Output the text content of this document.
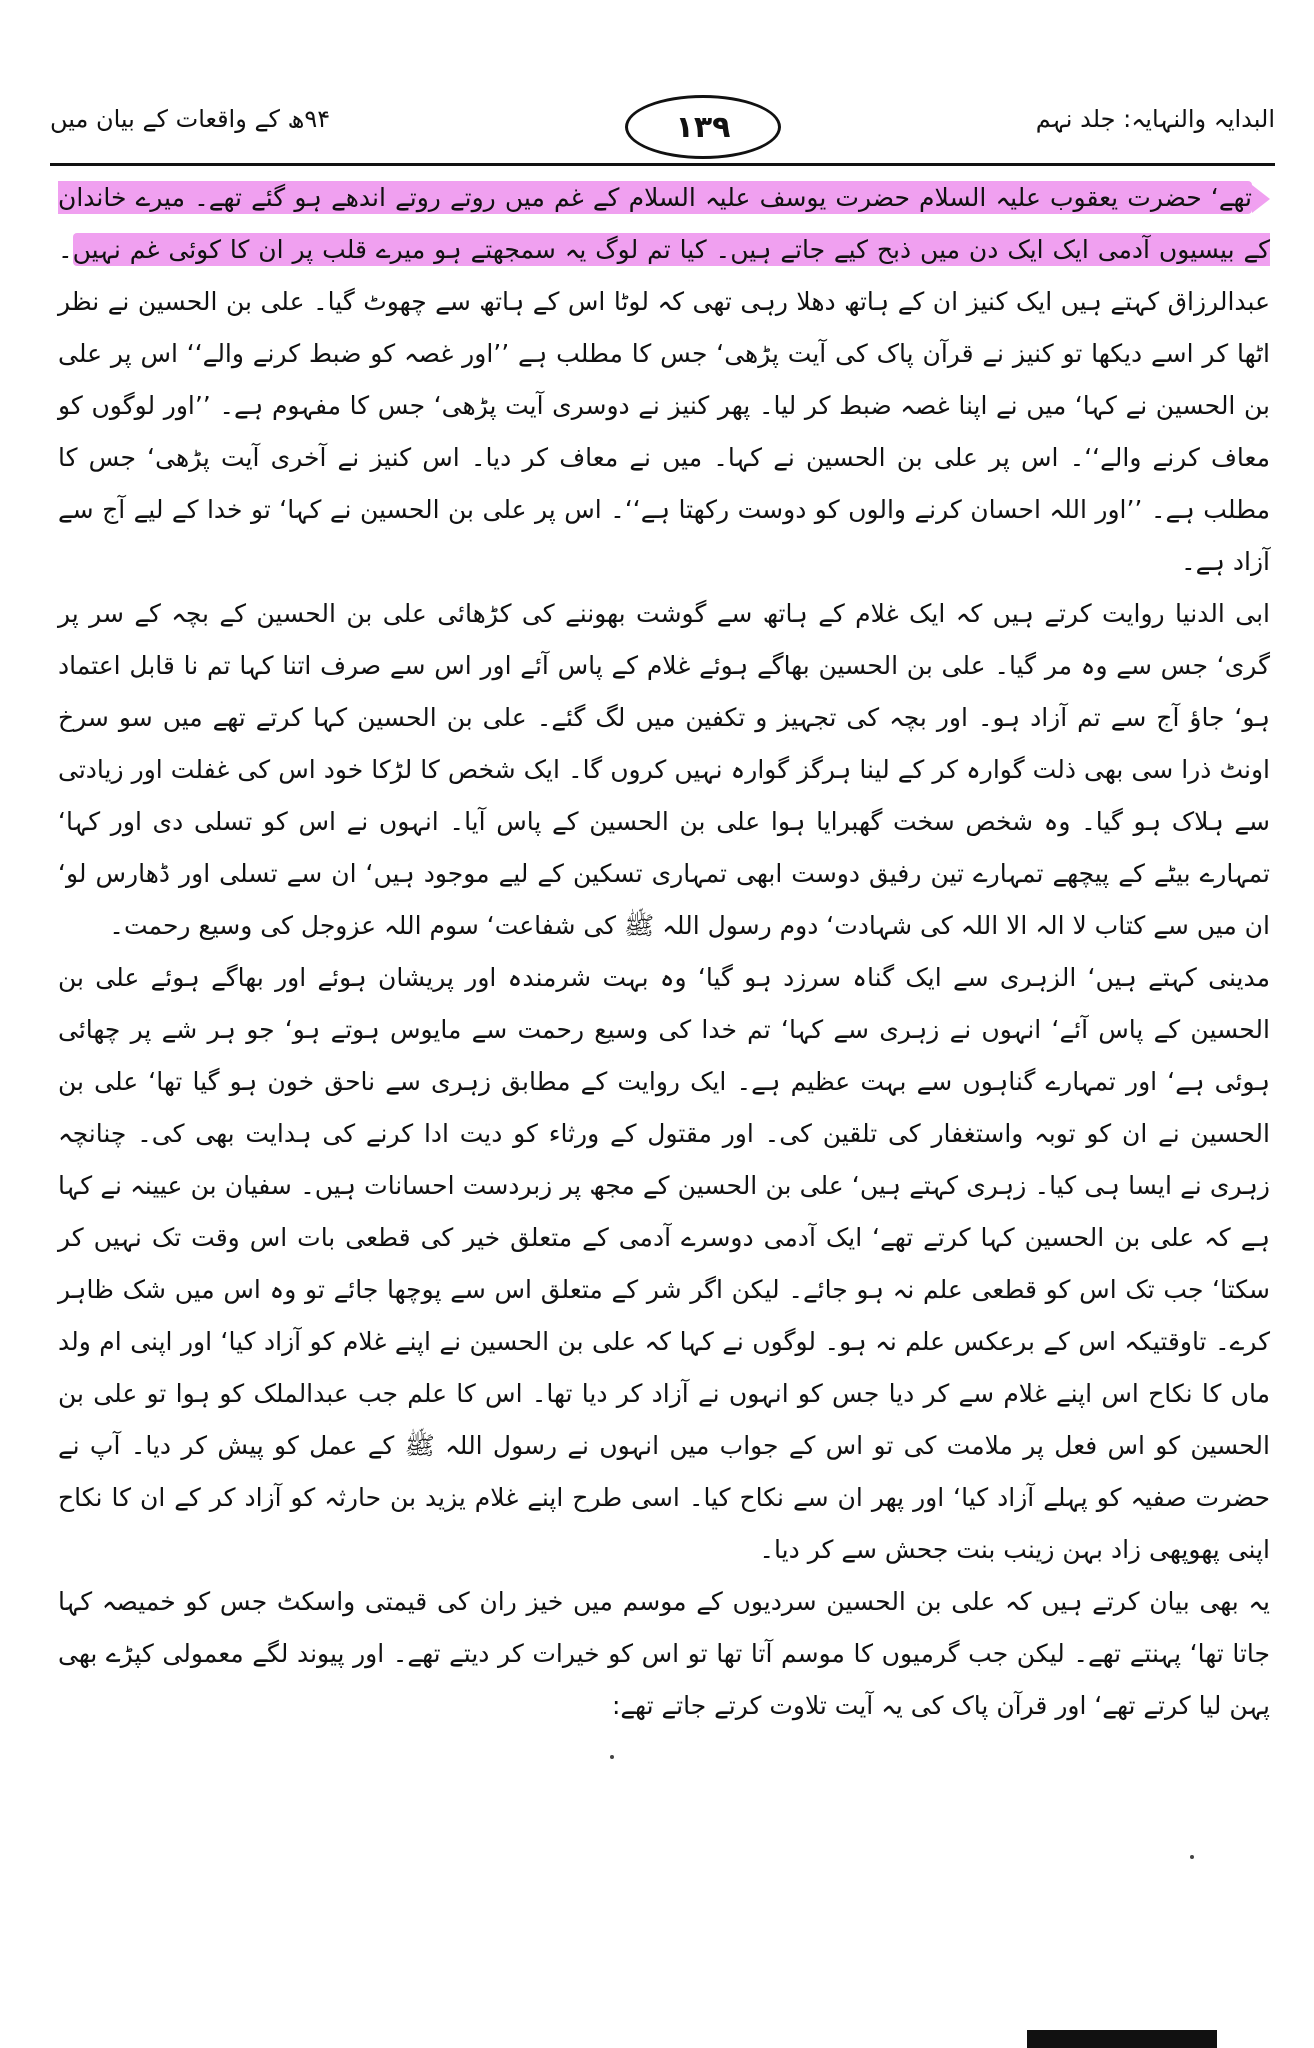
البدایہ والنہایہ: جلد نہم
۹۴ھ کے واقعات کے بیان میں	۱۳۹

تھے‘ حضرت یعقوب علیہ السلام حضرت یوسف علیہ السلام کے غم میں روتے روتے اندھے ہو گئے تھے۔ میرے خاندان کے بیسیوں آدمی ایک ایک دن میں ذبح کیے جاتے ہیں۔ کیا تم لوگ یہ سمجھتے ہو میرے قلب پر ان کا کوئی غم نہیں۔عبدالرزاق کہتے ہیں ایک کنیز ان کے ہاتھ دھلا رہی تھی کہ لوٹا اس کے ہاتھ سے چھوٹ گیا۔ علی بن الحسین نے نظر اٹھا کر اسے دیکھا تو کنیز نے قرآن پاک کی آیت پڑھی‘ جس کا مطلب ہے ’’اور غصہ کو ضبط کرنے والے‘‘ اس پر علی بن الحسین نے کہا‘ میں نے اپنا غصہ ضبط کر لیا۔ پھر کنیز نے دوسری آیت پڑھی‘ جس کا مفہوم ہے۔ ’’اور لوگوں کو معاف کرنے والے‘‘۔ اس پر علی بن الحسین نے کہا۔ میں نے معاف کر دیا۔ اس کنیز نے آخری آیت پڑھی‘ جس کا مطلب ہے۔ ’’اور اللہ احسان کرنے والوں کو دوست رکھتا ہے‘‘۔ اس پر علی بن الحسین نے کہا‘ تو خدا کے لیے آج سے آزاد ہے۔

ابی الدنیا روایت کرتے ہیں کہ ایک غلام کے ہاتھ سے گوشت بھوننے کی کڑھائی علی بن الحسین کے بچہ کے سر پر گری‘ جس سے وہ مر گیا۔ علی بن الحسین بھاگے ہوئے غلام کے پاس آئے اور اس سے صرف اتنا کہا تم نا قابل اعتماد ہو‘ جاؤ آج سے تم آزاد ہو۔ اور بچہ کی تجہیز و تکفین میں لگ گئے۔ علی بن الحسین کہا کرتے تھے میں سو سرخ اونٹ ذرا سی بھی ذلت گوارہ کر کے لینا ہرگز گوارہ نہیں کروں گا۔ ایک شخص کا لڑکا خود اس کی غفلت اور زیادتی سے ہلاک ہو گیا۔ وہ شخص سخت گھبرایا ہوا علی بن الحسین کے پاس آیا۔ انہوں نے اس کو تسلی دی اور کہا‘ تمہارے بیٹے کے پیچھے تمہارے تین رفیق دوست ابھی تمہاری تسکین کے لیے موجود ہیں‘ ان سے تسلی اور ڈھارس لو‘ ان میں سے کتاب لا الہ الا اللہ کی شہادت‘ دوم رسول اللہ ﷺ کی شفاعت‘ سوم اللہ عزوجل کی وسیع رحمت۔

مدینی کہتے ہیں‘ الزہری سے ایک گناہ سرزد ہو گیا‘ وہ بہت شرمندہ اور پریشان ہوئے اور بھاگے ہوئے علی بن الحسین کے پاس آئے‘ انہوں نے زہری سے کہا‘ تم خدا کی وسیع رحمت سے مایوس ہوتے ہو‘ جو ہر شے پر چھائی ہوئی ہے‘ اور تمہارے گناہوں سے بہت عظیم ہے۔ ایک روایت کے مطابق زہری سے ناحق خون ہو گیا تھا‘ علی بن الحسین نے ان کو توبہ واستغفار کی تلقین کی۔ اور مقتول کے ورثاء کو دیت ادا کرنے کی ہدایت بھی کی۔ چنانچہ زہری نے ایسا ہی کیا۔ زہری کہتے ہیں‘ علی بن الحسین کے مجھ پر زبردست احسانات ہیں۔ سفیان بن عیینہ نے کہا ہے کہ علی بن الحسین کہا کرتے تھے‘ ایک آدمی دوسرے آدمی کے متعلق خیر کی قطعی بات اس وقت تک نہیں کر سکتا‘ جب تک اس کو قطعی علم نہ ہو جائے۔ لیکن اگر شر کے متعلق اس سے پوچھا جائے تو وہ اس میں شک ظاہر کرے۔ تاوقتیکہ اس کے برعکس علم نہ ہو۔ لوگوں نے کہا کہ علی بن الحسین نے اپنے غلام کو آزاد کیا‘ اور اپنی ام ولد ماں کا نکاح اس اپنے غلام سے کر دیا جس کو انہوں نے آزاد کر دیا تھا۔ اس کا علم جب عبدالملک کو ہوا تو علی بن الحسین کو اس فعل پر ملامت کی تو اس کے جواب میں انہوں نے رسول اللہ ﷺ کے عمل کو پیش کر دیا۔ آپ نے حضرت صفیہ کو پہلے آزاد کیا‘ اور پھر ان سے نکاح کیا۔ اسی طرح اپنے غلام یزید بن حارثہ کو آزاد کر کے ان کا نکاح اپنی پھوپھی زاد بہن زینب بنت جحش سے کر دیا۔

یہ بھی بیان کرتے ہیں کہ علی بن الحسین سردیوں کے موسم میں خیز ران کی قیمتی واسکٹ جس کو خمیصہ کہا جاتا تھا‘ پہنتے تھے۔ لیکن جب گرمیوں کا موسم آتا تھا تو اس کو خیرات کر دیتے تھے۔ اور پیوند لگے معمولی کپڑے بھی پہن لیا کرتے تھے‘ اور قرآن پاک کی یہ آیت تلاوت کرتے جاتے تھے:
